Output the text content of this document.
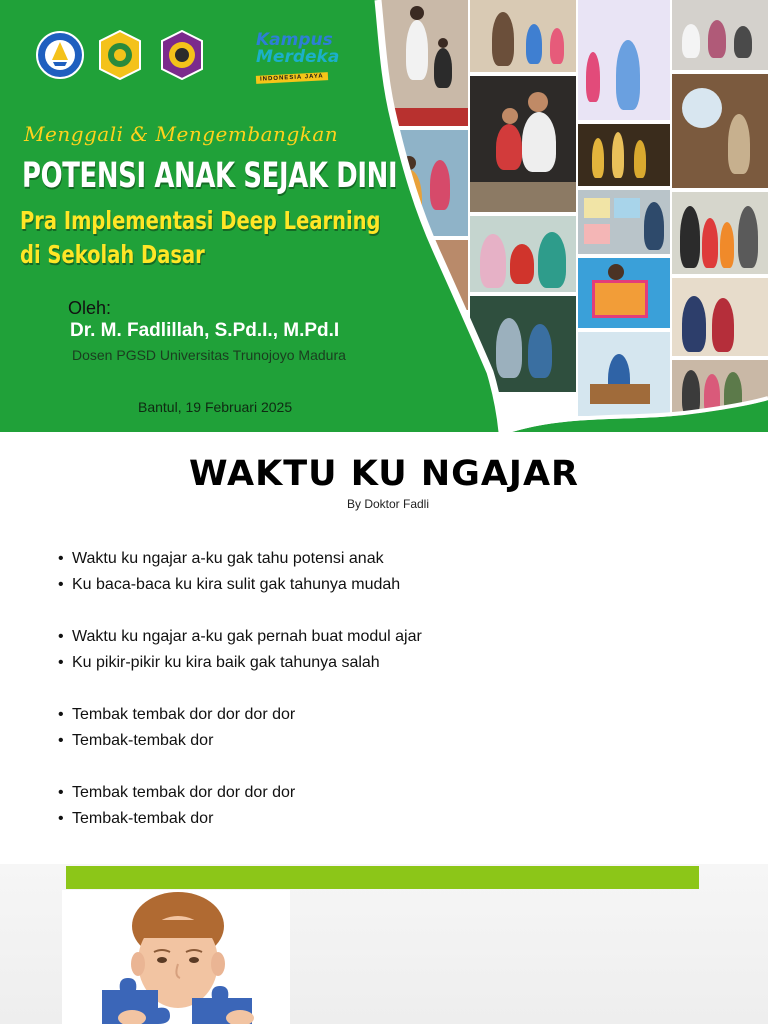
Kampus
Merdeka
INDONESIA JAYA
Menggali & Mengembangkan
POTENSI ANAK SEJAK DINI
Pra Implementasi Deep Learning
di Sekolah Dasar
Oleh:
Dr. M. Fadlillah, S.Pd.I., M.Pd.I
Dosen PGSD Universitas Trunojoyo Madura
Bantul, 19 Februari 2025
WAKTU KU NGAJAR
By Doktor Fadli
• Waktu ku ngajar a-ku gak tahu potensi anak
• Ku baca-baca ku kira sulit gak tahunya mudah
• Waktu ku ngajar a-ku gak pernah buat modul ajar
• Ku pikir-pikir ku kira baik gak tahunya salah
• Tembak tembak dor dor dor dor
• Tembak-tembak dor
• Tembak tembak dor dor dor dor
• Tembak-tembak dor
